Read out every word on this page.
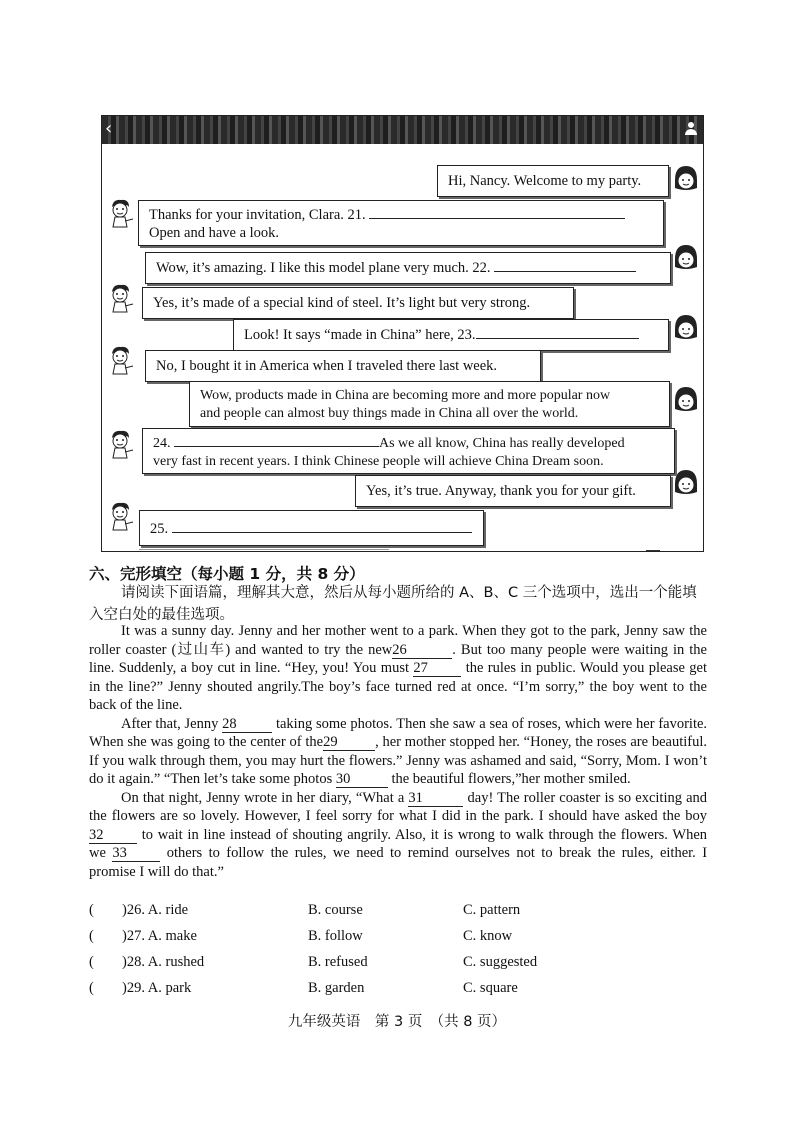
‹
Hi, Nancy. Welcome to my party.
Thanks for your invitation, Clara. 21.
Open and have a look.
Wow, it’s amazing. I like this model plane very much. 22.
Yes, it’s made of a special kind of steel. It’s light but very strong.
Look! It says “made in China” here, 23.
No, I bought it in America when I traveled there last week.
Wow, products made in China are becoming more and more popular now
and people can almost buy things made in China all over the world.
24.	As we all know, China has really developed
very fast in recent years. I think Chinese people will achieve China Dream soon.
Yes, it’s true. Anyway, thank you for your gift.
25.
六、完形填空（每小题 1 分，共 8 分）
请阅读下面语篇，理解其大意，然后从每小题所给的 A、B、C 三个选项中，选出一个能填入空白处的最佳选项。

It was a sunny day. Jenny and her mother went to a park. When they got to the park, Jenny saw the roller coaster (过山车) and wanted to try the new26	. But too many people were waiting in the line. Suddenly, a boy cut in line. “Hey, you! You must 27	the rules in public. Would you please get in the line?” Jenny shouted angrily.The boy’s face turned red at once. “I’m sorry,” the boy went to the back of the line.

After that, Jenny 28	taking some photos. Then she saw a sea of roses, which were her favorite. When she was going to the center of the29	, her mother stopped her. “Honey, the roses are beautiful. If you walk through them, you may hurt the flowers.” Jenny was ashamed and said, “Sorry, Mom. I won’t do it again.” “Then let’s take some photos 30	the beautiful flowers,”her mother smiled.

On that night, Jenny wrote in her diary, “What a 31	day! The roller coaster is so exciting and the flowers are so lovely. However, I feel sorry for what I did in the park. I should have asked the boy 32	to wait in line instead of shouting angrily. Also, it is wrong to walk through the flowers. When we 33	others to follow the rules, we need to remind ourselves not to break the rules, either. I promise I will do that.”

( )26. A. ride	B. course	C. pattern
( )27. A. make	B. follow	C. know
( )28. A. rushed	B. refused	C. suggested
( )29. A. park	B. garden	C. square
九年级英语　第 3 页　（共 8 页）
